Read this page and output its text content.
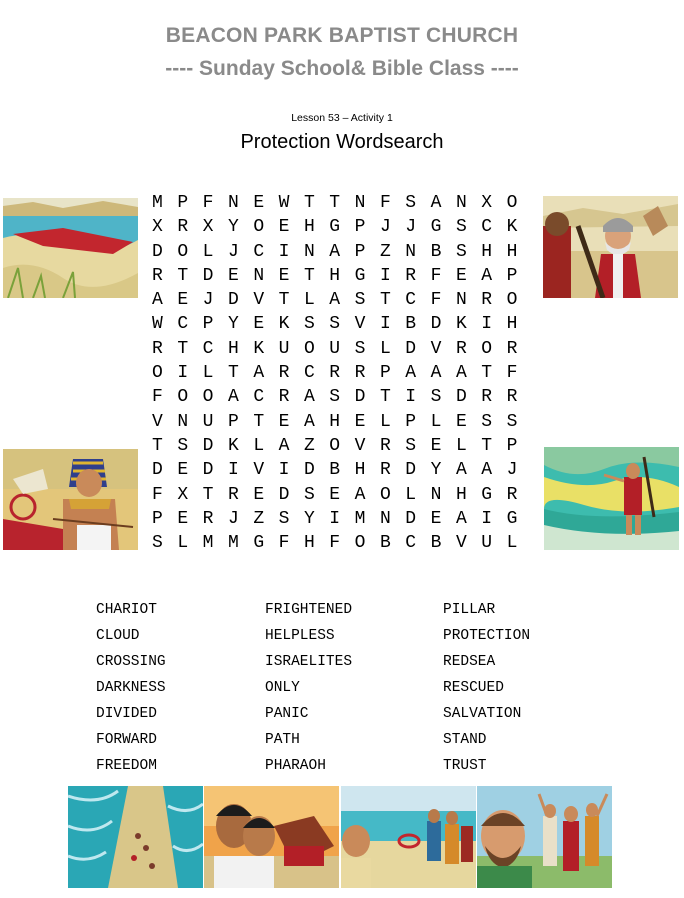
BEACON PARK BAPTIST CHURCH
---- Sunday School& Bible Class ----
Lesson 53 – Activity 1
Protection Wordsearch
M P F N E W T T N F S A N X O
X R X Y O E H G P J J G S C K
D O L J C I N A P Z N B S H H
R T D E N E T H G I R F E A P
A E J D V T L A S T C F N R O
W C P Y E K S S V I B D K I H
R T C H K U O U S L D V R O R
O I L T A R C R R P A A A T F
F O O A C R A S D T I S D R R
V N U P T E A H E L P L E S S
T S D K L A Z O V R S E L T P
D E D I V I D B H R D Y A A J
F X T R E D S E A O L N H G R
P E R J Z S Y I M N D E A I G
S L M M G F H F O B C B V U L
CHARIOT
CLOUD
CROSSING
DARKNESS
DIVIDED
FORWARD
FREEDOM
FRIGHTENED
HELPLESS
ISRAELITES
ONLY
PANIC
PATH
PHARAOH
PILLAR
PROTECTION
REDSEA
RESCUED
SALVATION
STAND
TRUST
